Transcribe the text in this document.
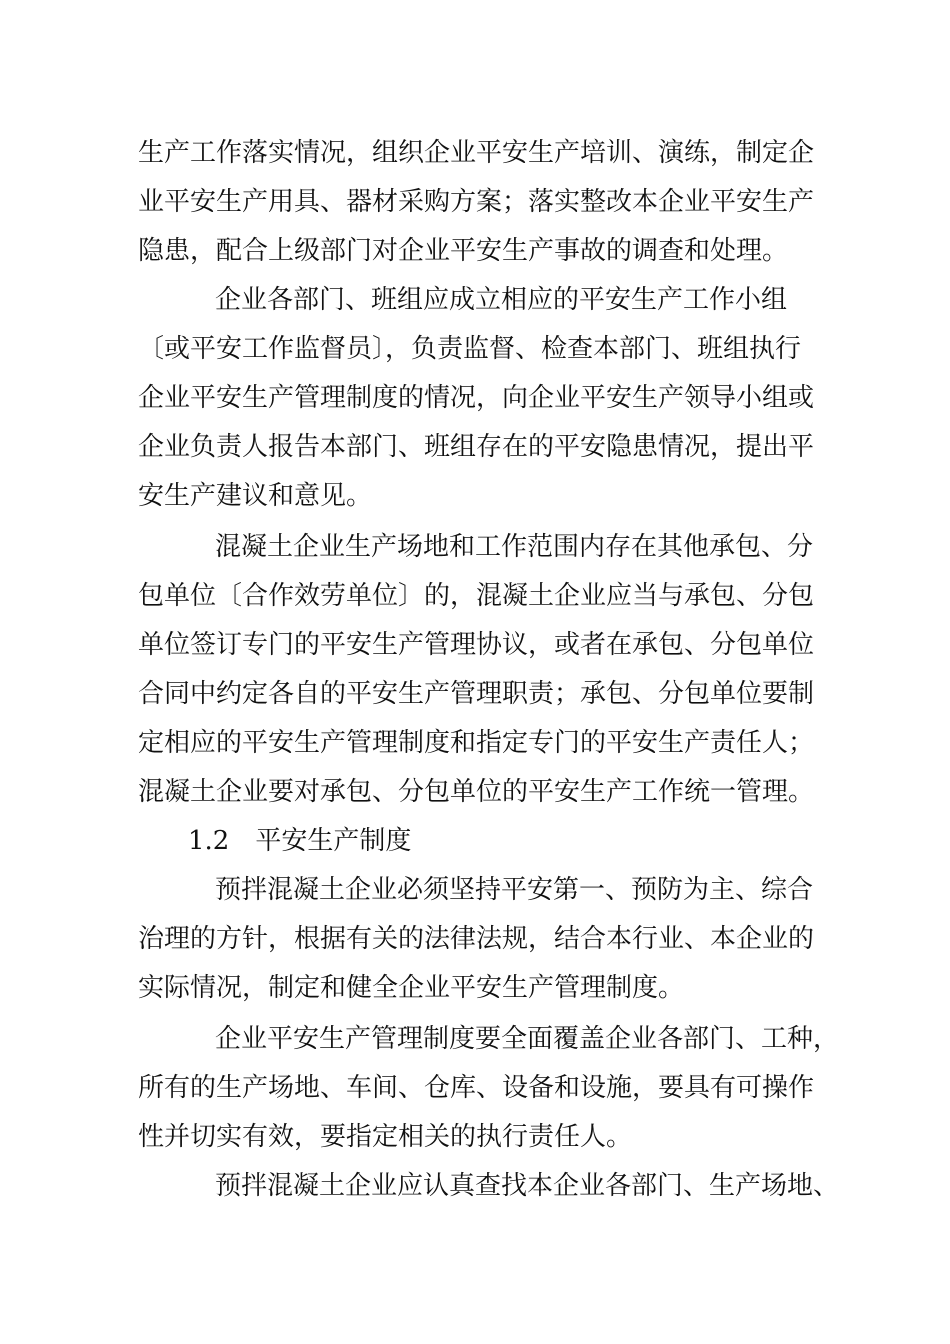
生产工作落实情况，组织企业平安生产培训、演练，制定企
业平安生产用具、器材采购方案；落实整改本企业平安生产
隐患，配合上级部门对企业平安生产事故的调查和处理。
企业各部门、班组应成立相应的平安生产工作小组
〔或平安工作监督员〕，负责监督、检查本部门、班组执行
企业平安生产管理制度的情况，向企业平安生产领导小组或
企业负责人报告本部门、班组存在的平安隐患情况，提出平
安生产建议和意见。
混凝土企业生产场地和工作范围内存在其他承包、分
包单位〔合作效劳单位〕的，混凝土企业应当与承包、分包
单位签订专门的平安生产管理协议，或者在承包、分包单位
合同中约定各自的平安生产管理职责；承包、分包单位要制
定相应的平安生产管理制度和指定专门的平安生产责任人；
混凝土企业要对承包、分包单位的平安生产工作统一管理。
1.2　平安生产制度
预拌混凝土企业必须坚持平安第一、预防为主、综合
治理的方针，根据有关的法律法规，结合本行业、本企业的
实际情况，制定和健全企业平安生产管理制度。
企业平安生产管理制度要全面覆盖企业各部门、工种，
所有的生产场地、车间、仓库、设备和设施，要具有可操作
性并切实有效，要指定相关的执行责任人。
预拌混凝土企业应认真查找本企业各部门、生产场地、
